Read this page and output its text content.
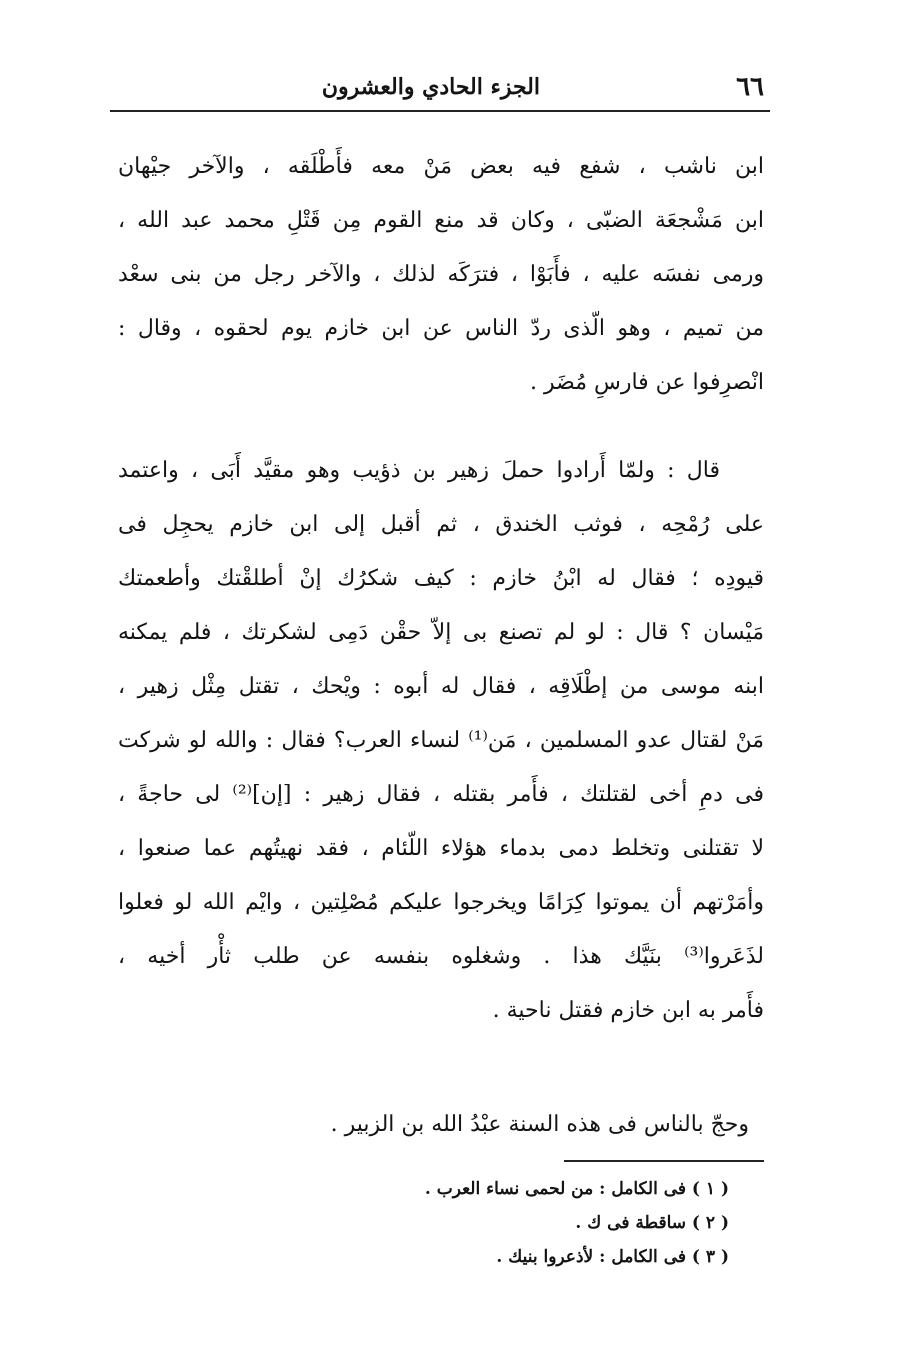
٦٦
الجزء الحادي والعشرون
ابن ناشب ، شفع فيه بعض مَنْ معه فأَطْلَقه ، والآخر جيْهان
ابن مَشْجعَة الضبّى ، وكان قد منع القوم مِن قَتْلِ محمد عبد الله ،
ورمى نفسَه عليه ، فأَبَوْا ، فترَكَه لذلك ، والآخر رجل من بنى سعْد
من تميم ، وهو الّذى ردّ الناس عن ابن خازم يوم لحقوه ، وقال :
انْصرِفوا عن فارسِ مُضَر .
قال : ولمّا أَرادوا حملَ زهير بن ذؤيب وهو مقيَّد أَبَى ، واعتمد
على رُمْحِه ، فوثب الخندق ، ثم أقبل إلى ابن خازم يحجِل فى
قيودِه ؛ فقال له ابْنُ خازم : كيف شكرُك إنْ أطلقْتك وأطعمتك
مَيْسان ؟ قال : لو لم تصنع بى إلاّ حقْن دَمِى لشكرتك ، فلم يمكنه
ابنه موسى من إطْلَاقِه ، فقال له أبوه : ويْحك ، تقتل مِثْل زهير ،
مَنْ لقتال عدو المسلمين ، مَن⁽¹⁾ لنساء العرب؟ فقال : والله لو شركت
فى دمِ أخى لقتلتك ، فأَمر بقتله ، فقال زهير : [إن]⁽²⁾ لى حاجةً ،
لا تقتلنى وتخلط دمى بدماء هؤلاء اللّئام ، فقد نهيتُهم عما صنعوا ،
وأمَرْتهم أن يموتوا كِرَامًا ويخرجوا عليكم مُصْلِتين ، وايْم الله لو فعلوا
لذَعَروا⁽³⁾ بنَيَّك هذا . وشغلوه بنفسه عن طلب ثأْر أخيه ،
فأَمر به ابن خازم فقتل ناحية .
وحجّ بالناس فى هذه السنة عبْدُ الله بن الزبير .
( ١ ) فى الكامل : من لحمى نساء العرب .
( ٢ ) ساقطة فى ك .
( ٣ ) فى الكامل : لأذعروا بنيك .
